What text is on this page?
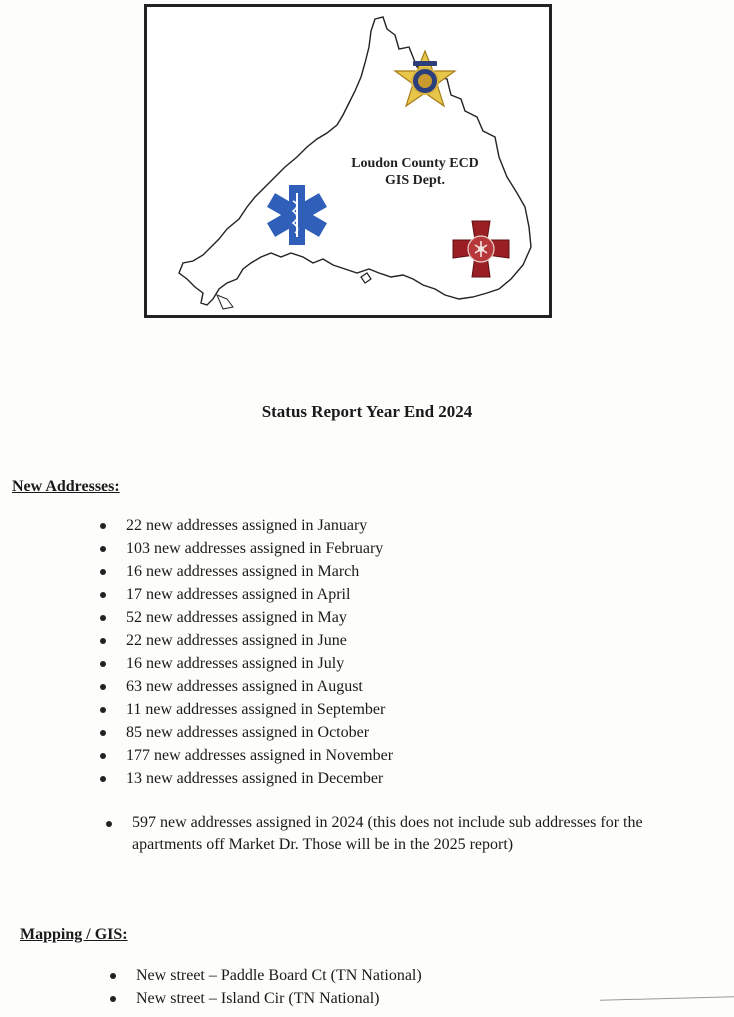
Loudon County ECD
GIS Dept.
Status Report Year End 2024
New Addresses:
22 new addresses assigned in January
103 new addresses assigned in February
16 new addresses assigned in March
17 new addresses assigned in April
52 new addresses assigned in May
22 new addresses assigned in June
16 new addresses assigned in July
63 new addresses assigned in August
11 new addresses assigned in September
85 new addresses assigned in October
177 new addresses assigned in November
13 new addresses assigned in December
597 new addresses assigned in 2024 (this does not include sub addresses for the apartments off Market Dr. Those will be in the 2025 report)
Mapping / GIS:
New street – Paddle Board Ct (TN National)
New street – Island Cir (TN National)
